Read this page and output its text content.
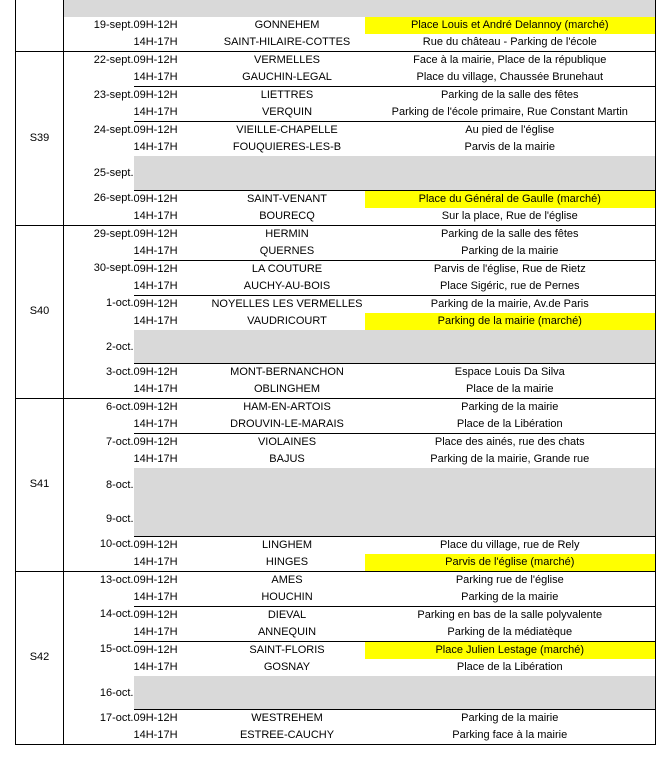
	19-sept.	09H-12H	GONNEHEM	Place Louis et André Delannoy (marché)
		14H-17H	SAINT-HILAIRE-COTTES	Rue du château - Parking de l'école
S39	22-sept.	09H-12H	VERMELLES	Face à la mairie, Place de la république
		14H-17H	GAUCHIN-LEGAL	Place du village, Chaussée Brunehaut
	23-sept.	09H-12H	LIETTRES	Parking de la salle des fêtes
		14H-17H	VERQUIN	Parking de l'école primaire, Rue Constant Martin
	24-sept.	09H-12H	VIEILLE-CHAPELLE	Au pied de l'église
		14H-17H	FOUQUIERES-LES-B	Parvis de la mairie
	25-sept.			
	26-sept.	09H-12H	SAINT-VENANT	Place du Général de Gaulle (marché)
		14H-17H	BOURECQ	Sur la place, Rue de l'église
S40	29-sept.	09H-12H	HERMIN	Parking de la salle des fêtes
		14H-17H	QUERNES	Parking de la mairie
	30-sept.	09H-12H	LA COUTURE	Parvis de l'église, Rue de Rietz
		14H-17H	AUCHY-AU-BOIS	Place Sigéric, rue de Pernes
	1-oct.	09H-12H	NOYELLES LES VERMELLES	Parking de la mairie, Av.de Paris
		14H-17H	VAUDRICOURT	Parking de la mairie (marché)
	2-oct.			
	3-oct.	09H-12H	MONT-BERNANCHON	Espace Louis Da Silva
		14H-17H	OBLINGHEM	Place de la mairie
S41	6-oct.	09H-12H	HAM-EN-ARTOIS	Parking de la mairie
		14H-17H	DROUVIN-LE-MARAIS	Place de la Libération
	7-oct.	09H-12H	VIOLAINES	Place des ainés, rue des chats
		14H-17H	BAJUS	Parking de la mairie, Grande rue
	8-oct.			
	9-oct.			
	10-oct.	09H-12H	LINGHEM	Place du village, rue de Rely
		14H-17H	HINGES	Parvis de l'église (marché)
S42	13-oct.	09H-12H	AMES	Parking rue de l'église
		14H-17H	HOUCHIN	Parking de la mairie
	14-oct.	09H-12H	DIEVAL	Parking en bas de la salle polyvalente
		14H-17H	ANNEQUIN	Parking de la médiatèque
	15-oct.	09H-12H	SAINT-FLORIS	Place Julien Lestage (marché)
		14H-17H	GOSNAY	Place de la Libération
	16-oct.			
	17-oct.	09H-12H	WESTREHEM	Parking de la mairie
		14H-17H	ESTREE-CAUCHY	Parking face à la mairie
